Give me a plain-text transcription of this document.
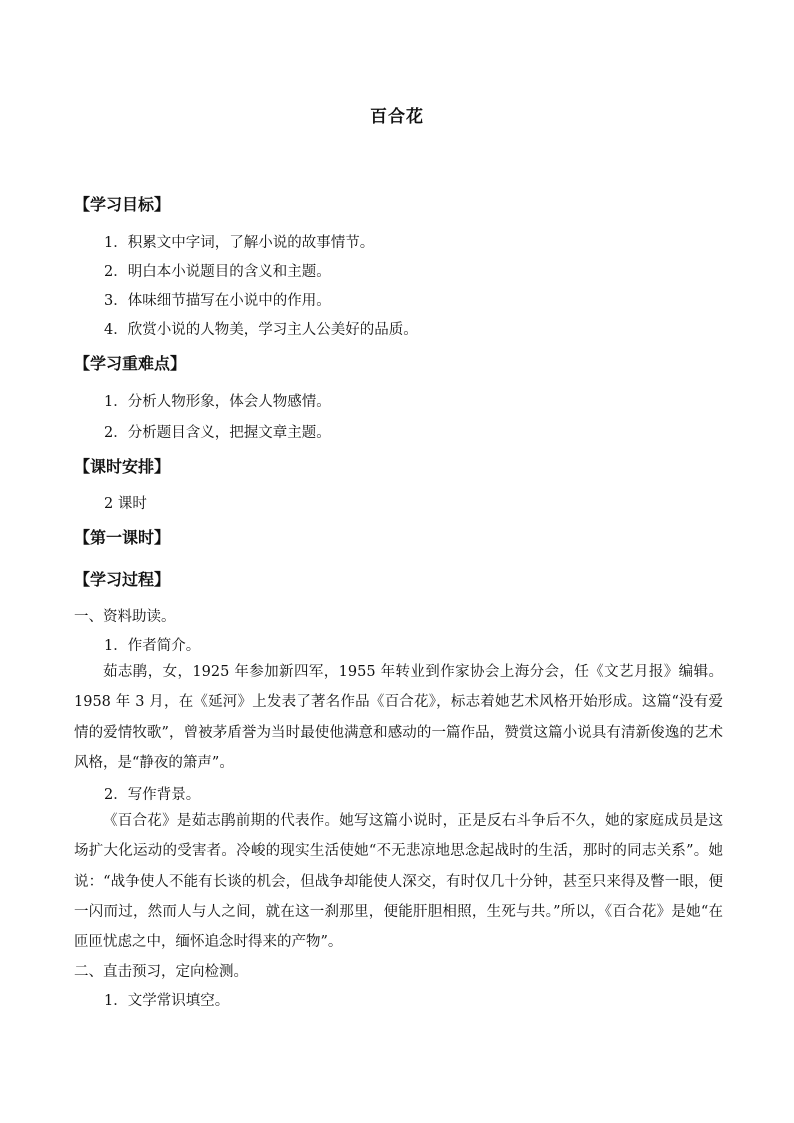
百合花
【学习目标】
1．积累文中字词，了解小说的故事情节。
2．明白本小说题目的含义和主题。
3．体味细节描写在小说中的作用。
4．欣赏小说的人物美，学习主人公美好的品质。
【学习重难点】
1．分析人物形象，体会人物感情。
2．分析题目含义，把握文章主题。
【课时安排】
2 课时
【第一课时】
【学习过程】
一、资料助读。
1．作者简介。

茹志鹃，女，1925 年参加新四军，1955 年转业到作家协会上海分会，任《文艺月报》编辑。1958 年 3 月，在《延河》上发表了著名作品《百合花》，标志着她艺术风格开始形成。这篇“没有爱情的爱情牧歌”，曾被茅盾誉为当时最使他满意和感动的一篇作品，赞赏这篇小说具有清新俊逸的艺术风格，是“静夜的箫声”。

2．写作背景。

《百合花》是茹志鹃前期的代表作。她写这篇小说时，正是反右斗争后不久，她的家庭成员是这场扩大化运动的受害者。冷峻的现实生活使她“不无悲凉地思念起战时的生活，那时的同志关系”。她说：“战争使人不能有长谈的机会，但战争却能使人深交，有时仅几十分钟，甚至只来得及瞥一眼，便一闪而过，然而人与人之间，就在这一刹那里，便能肝胆相照，生死与共。”所以，《百合花》是她“在匝匝忧虑之中，缅怀追念时得来的产物”。

二、直击预习，定向检测。
1．文学常识填空。
